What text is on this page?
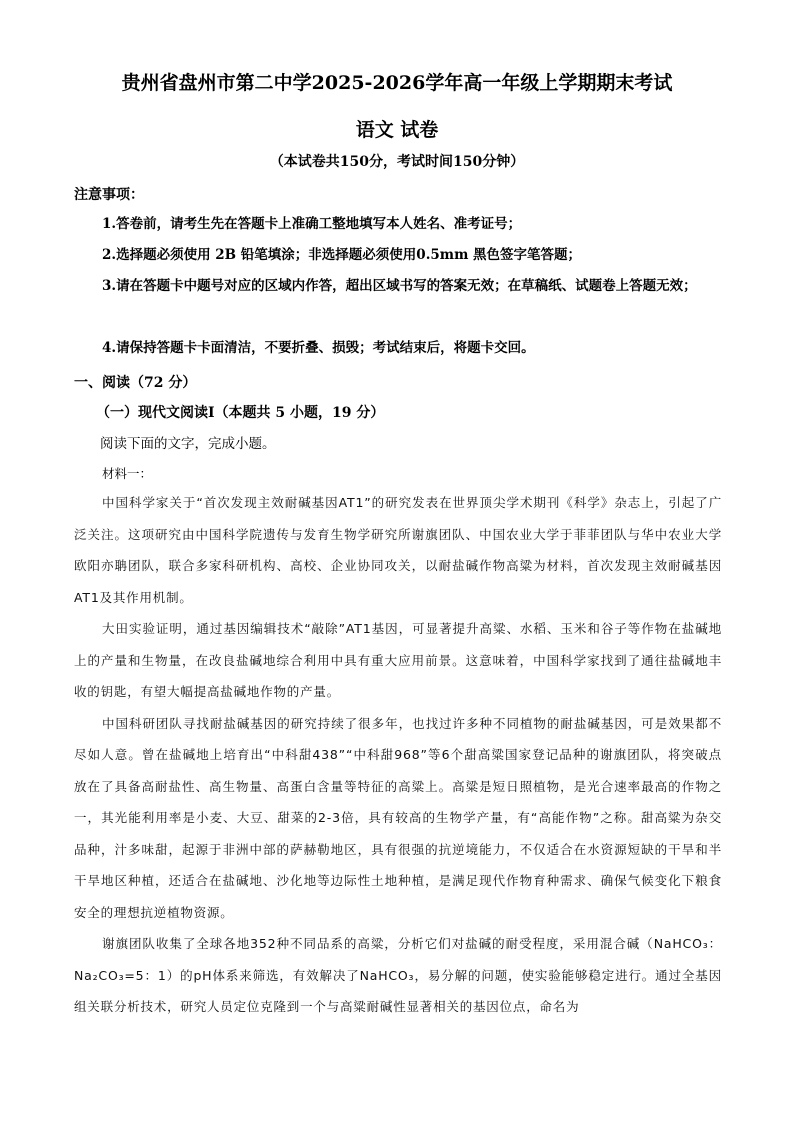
贵州省盘州市第二中学2025-2026学年高一年级上学期期末考试
语文 试卷
（本试卷共150分，考试时间150分钟）
注意事项：

1.答卷前，请考生先在答题卡上准确工整地填写本人姓名、准考证号；

2.选择题必须使用 2B 铅笔填涂；非选择题必须使用0.5mm 黑色签字笔答题；

3.请在答题卡中题号对应的区域内作答，超出区域书写的答案无效；在草稿纸、试题卷上答题无效；

4.请保持答题卡卡面清洁，不要折叠、损毁；考试结束后，将题卡交回。

一、阅读（72 分）
（一）现代文阅读Ⅰ（本题共 5 小题，19 分）
阅读下面的文字，完成小题。
材料一：

中国科学家关于“首次发现主效耐碱基因AT1”的研究发表在世界顶尖学术期刊《科学》杂志上，引起了广泛关注。这项研究由中国科学院遗传与发育生物学研究所谢旗团队、中国农业大学于菲菲团队与华中农业大学欧阳亦聃团队，联合多家科研机构、高校、企业协同攻关，以耐盐碱作物高粱为材料，首次发现主效耐碱基因AT1及其作用机制。

大田实验证明，通过基因编辑技术“敲除”AT1基因，可显著提升高粱、水稻、玉米和谷子等作物在盐碱地上的产量和生物量，在改良盐碱地综合利用中具有重大应用前景。这意味着，中国科学家找到了通往盐碱地丰收的钥匙，有望大幅提高盐碱地作物的产量。

中国科研团队寻找耐盐碱基因的研究持续了很多年，也找过许多种不同植物的耐盐碱基因，可是效果都不尽如人意。曾在盐碱地上培育出“中科甜438”“中科甜968”等6个甜高粱国家登记品种的谢旗团队，将突破点放在了具备高耐盐性、高生物量、高蛋白含量等特征的高粱上。高粱是短日照植物，是光合速率最高的作物之一，其光能利用率是小麦、大豆、甜菜的2-3倍，具有较高的生物学产量，有“高能作物”之称。甜高粱为杂交品种，汁多味甜，起源于非洲中部的萨赫勒地区，具有很强的抗逆境能力，不仅适合在水资源短缺的干旱和半干旱地区种植，还适合在盐碱地、沙化地等边际性土地种植，是满足现代作物育种需求、确保气候变化下粮食安全的理想抗逆植物资源。

谢旗团队收集了全球各地352种不同品系的高粱，分析它们对盐碱的耐受程度，采用混合碱（NaHCO₃：Na₂CO₃=5：1）的pH体系来筛选，有效解决了NaHCO₃，易分解的问题，使实验能够稳定进行。通过全基因组关联分析技术，研究人员定位克隆到一个与高粱耐碱性显著相关的基因位点，命名为
